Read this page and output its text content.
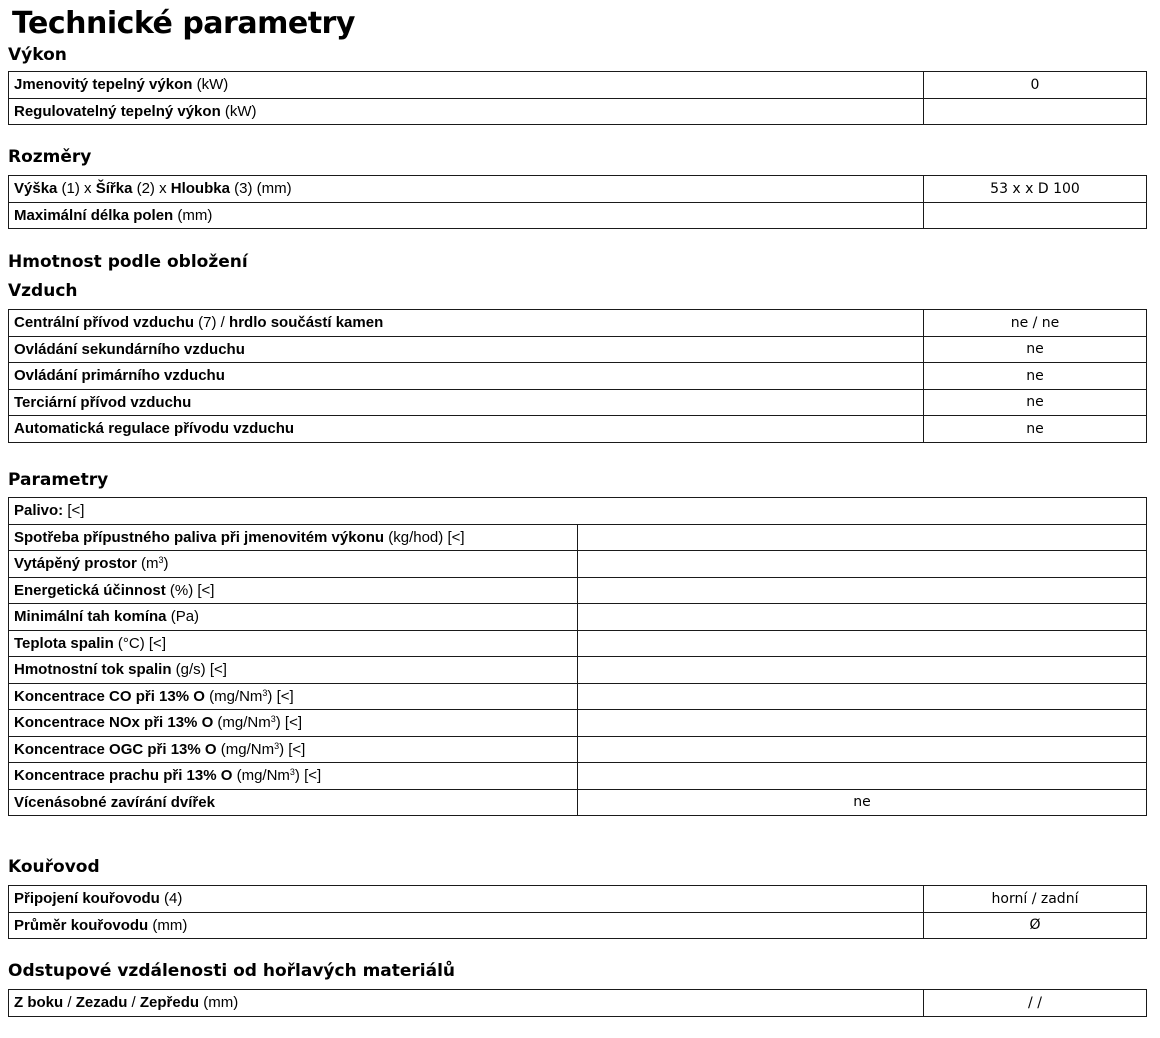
Technické parametry
Výkon
Jmenovitý tepelný výkon (kW)	0
Regulovatelný tepelný výkon (kW)	
Rozměry
Výška (1) x Šířka (2) x Hloubka (3) (mm)	53 x x D 100
Maximální délka polen (mm)	
Hmotnost podle obložení
Vzduch
Centrální přívod vzduchu (7) / hrdlo součástí kamen	ne / ne
Ovládání sekundárního vzduchu	ne
Ovládání primárního vzduchu	ne
Terciární přívod vzduchu	ne
Automatická regulace přívodu vzduchu	ne
Parametry
Palivo: [<]	
Spotřeba přípustného paliva při jmenovitém výkonu (kg/hod) [<]	
Vytápěný prostor $(m^3)$	
Energetická účinnost (%) [<]	
Minimální tah komína (Pa)	
Teplota spalin (°C) [<]	
Hmotnostní tok spalin (g/s) [<]	
Koncentrace CO při 13% O (mg/Nm$^3$) [<]	
Koncentrace NOx při 13% O (mg/Nm$^3$) [<]	
Koncentrace OGC při 13% O (mg/Nm$^3$) [<]	
Koncentrace prachu při 13% O (mg/Nm$^3$) [<]	
Vícenásobné zavírání dvířek	ne
Kouřovod
Připojení kouřovodu (4)	horní / zadní
Průměr kouřovodu (mm)	Ø
Odstupové vzdálenosti od hořlavých materiálů
Z boku / Zezadu / Zepředu (mm)	/ /
